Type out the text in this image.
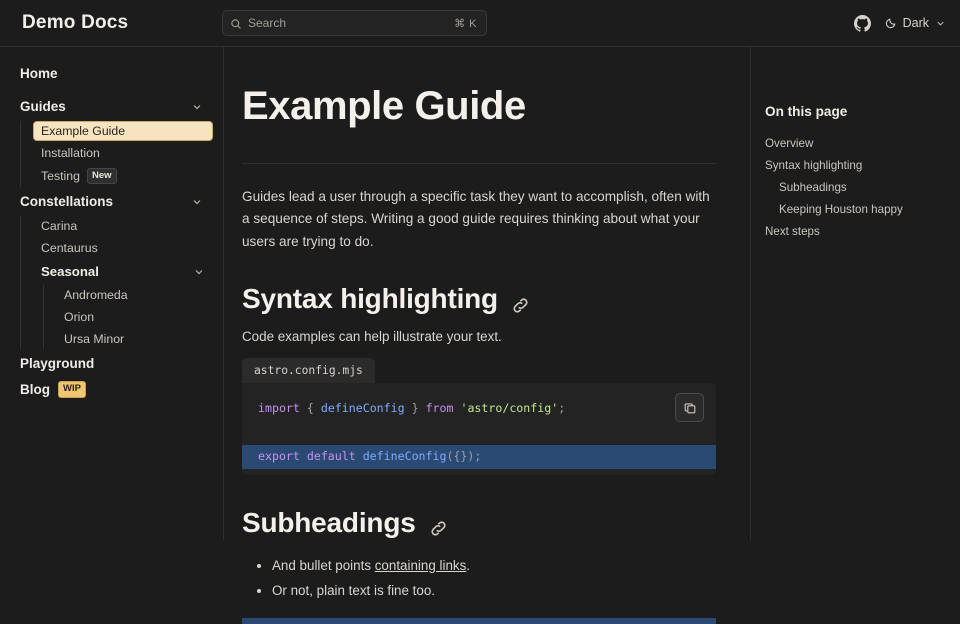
Demo Docs	Search	⌘ K	Dark
Home
Guides
Example Guide
Installation
Testing	New
Constellations
Carina
Centaurus
Seasonal
Andromeda
Orion
Ursa Minor
Playground
Blog	WIP
Example Guide

Guides lead a user through a specific task they want to accomplish, often with a sequence of steps. Writing a good guide requires thinking about what your users are trying to do.

Syntax highlighting

Code examples can help illustrate your text.

astro.config.mjs
import { defineConfig } from 'astro/config';

export default defineConfig({});
Subheadings
• And bullet points containing links.
• Or not, plain text is fine too.
On this page
Overview
Syntax highlighting
Subheadings
Keeping Houston happy
Next steps
